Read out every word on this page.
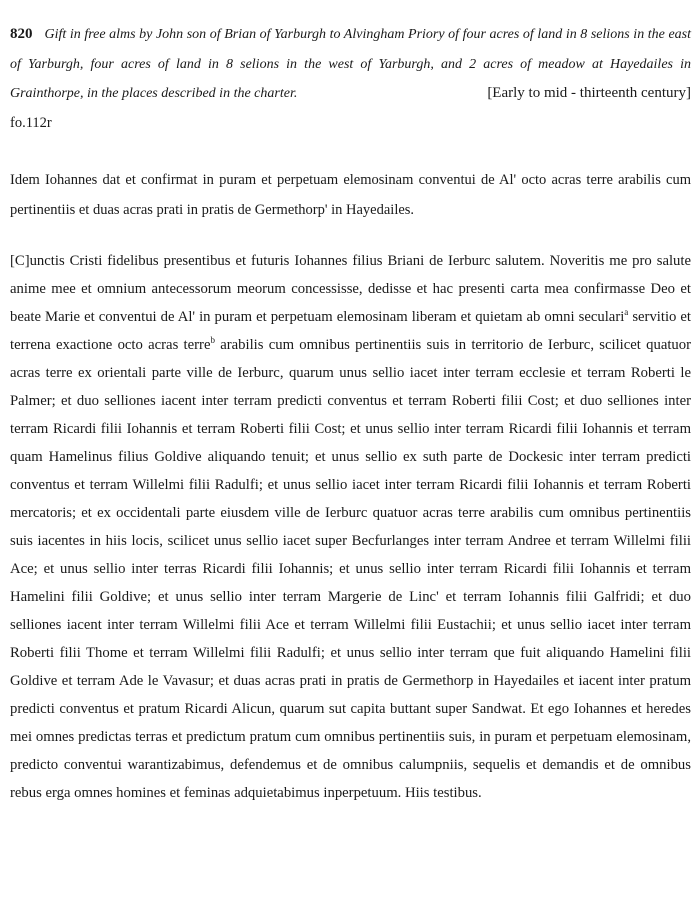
820 Gift in free alms by John son of Brian of Yarburgh to Alvingham Priory of four acres of land in 8 selions in the east of Yarburgh, four acres of land in 8 selions in the west of Yarburgh, and 2 acres of meadow at Hayedailes in Grainthorpe, in the places described in the charter.	[Early to mid - thirteenth century]

fo.112r

Idem Iohannes dat et confirmat in puram et perpetuam elemosinam conventui de Al' octo acras terre arabilis cum pertinentiis et duas acras prati in pratis de Germethorp' in Hayedailes.

[C]unctis Cristi fidelibus presentibus et futuris Iohannes filius Briani de Ierburc salutem. Noveritis me pro salute anime mee et omnium antecessorum meorum concessisse, dedisse et hac presenti carta mea confirmasse Deo et beate Marie et conventui de Al' in puram et perpetuam elemosinam liberam et quietam ab omni seculari$^a$ servitio et terrena exactione octo acras terre$^b$ arabilis cum omnibus pertinentiis suis in territorio de Ierburc, scilicet quatuor acras terre ex orientali parte ville de Ierburc, quarum unus sellio iacet inter terram ecclesie et terram Roberti le Palmer; et duo selliones iacent inter terram predicti conventus et terram Roberti filii Cost; et duo selliones inter terram Ricardi filii Iohannis et terram Roberti filii Cost; et unus sellio inter terram Ricardi filii Iohannis et terram quam Hamelinus filius Goldive aliquando tenuit; et unus sellio ex suth parte de Dockesic inter terram predicti conventus et terram Willelmi filii Radulfi; et unus sellio iacet inter terram Ricardi filii Iohannis et terram Roberti mercatoris; et ex occidentali parte eiusdem ville de Ierburc quatuor acras terre arabilis cum omnibus pertinentiis suis iacentes in hiis locis, scilicet unus sellio iacet super Becfurlanges inter terram Andree et terram Willelmi filii Ace; et unus sellio inter terras Ricardi filii Iohannis; et unus sellio inter terram Ricardi filii Iohannis et terram Hamelini filii Goldive; et unus sellio inter terram Margerie de Linc' et terram Iohannis filii Galfridi; et duo selliones iacent inter terram Willelmi filii Ace et terram Willelmi filii Eustachii; et unus sellio iacet inter terram Roberti filii Thome et terram Willelmi filii Radulfi; et unus sellio inter terram que fuit aliquando Hamelini filii Goldive et terram Ade le Vavasur; et duas acras prati in pratis de Germethorp in Hayedailes et iacent inter pratum predicti conventus et pratum Ricardi Alicun, quarum sut capita buttant super Sandwat. Et ego Iohannes et heredes mei omnes predictas terras et predictum pratum cum omnibus pertinentiis suis, in puram et perpetuam elemosinam, predicto conventui warantizabimus, defendemus et de omnibus calumpniis, sequelis et demandis et de omnibus rebus erga omnes homines et feminas adquietabimus inperpetuum. Hiis testibus.
